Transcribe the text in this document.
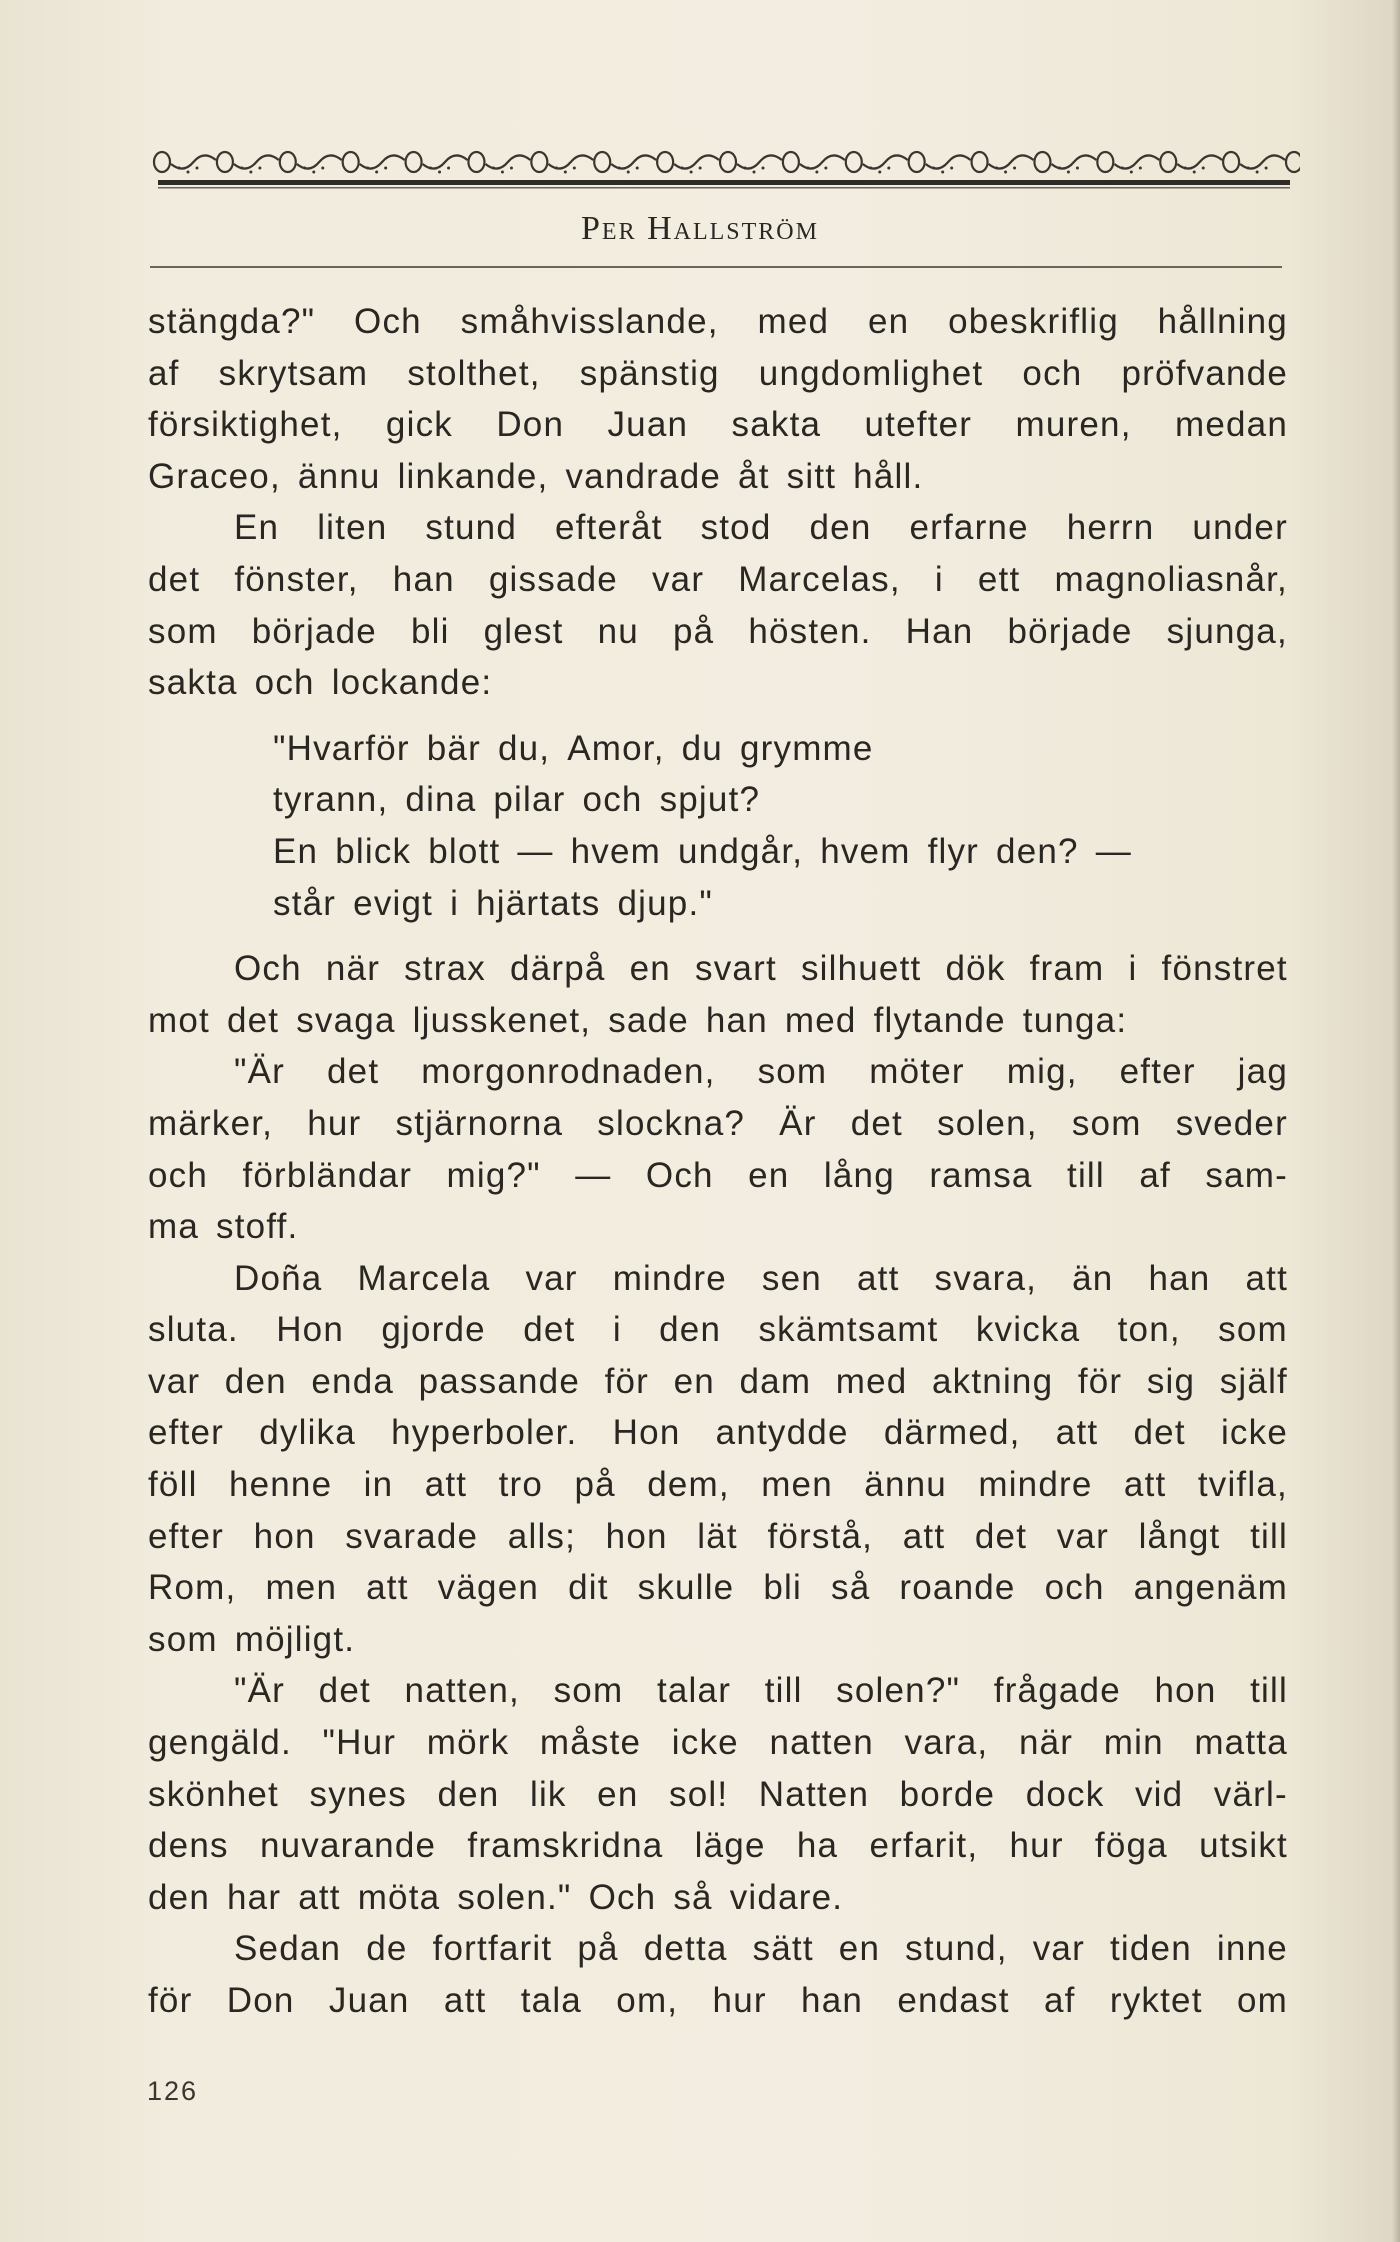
Per Hallström
stängda?" Och småhvisslande, med en obeskriflig hållning
af skrytsam stolthet, spänstig ungdomlighet och pröfvande
försiktighet, gick Don Juan sakta utefter muren, medan
Graceo, ännu linkande, vandrade åt sitt håll.
En liten stund efteråt stod den erfarne herrn under
det fönster, han gissade var Marcelas, i ett magnoliasnår,
som började bli glest nu på hösten. Han började sjunga,
sakta och lockande:
"Hvarför bär du, Amor, du grymme
tyrann, dina pilar och spjut?
En blick blott — hvem undgår, hvem flyr den? —
står evigt i hjärtats djup."
Och när strax därpå en svart silhuett dök fram i fönstret
mot det svaga ljusskenet, sade han med flytande tunga:
"Är det morgonrodnaden, som möter mig, efter jag
märker, hur stjärnorna slockna? Är det solen, som sveder
och förbländar mig?" — Och en lång ramsa till af sam-
ma stoff.
Doña Marcela var mindre sen att svara, än han att
sluta. Hon gjorde det i den skämtsamt kvicka ton, som
var den enda passande för en dam med aktning för sig själf
efter dylika hyperboler. Hon antydde därmed, att det icke
föll henne in att tro på dem, men ännu mindre att tvifla,
efter hon svarade alls; hon lät förstå, att det var långt till
Rom, men att vägen dit skulle bli så roande och angenäm
som möjligt.
"Är det natten, som talar till solen?" frågade hon till
gengäld. "Hur mörk måste icke natten vara, när min matta
skönhet synes den lik en sol! Natten borde dock vid värl-
dens nuvarande framskridna läge ha erfarit, hur föga utsikt
den har att möta solen." Och så vidare.
Sedan de fortfarit på detta sätt en stund, var tiden inne
för Don Juan att tala om, hur han endast af ryktet om
126
